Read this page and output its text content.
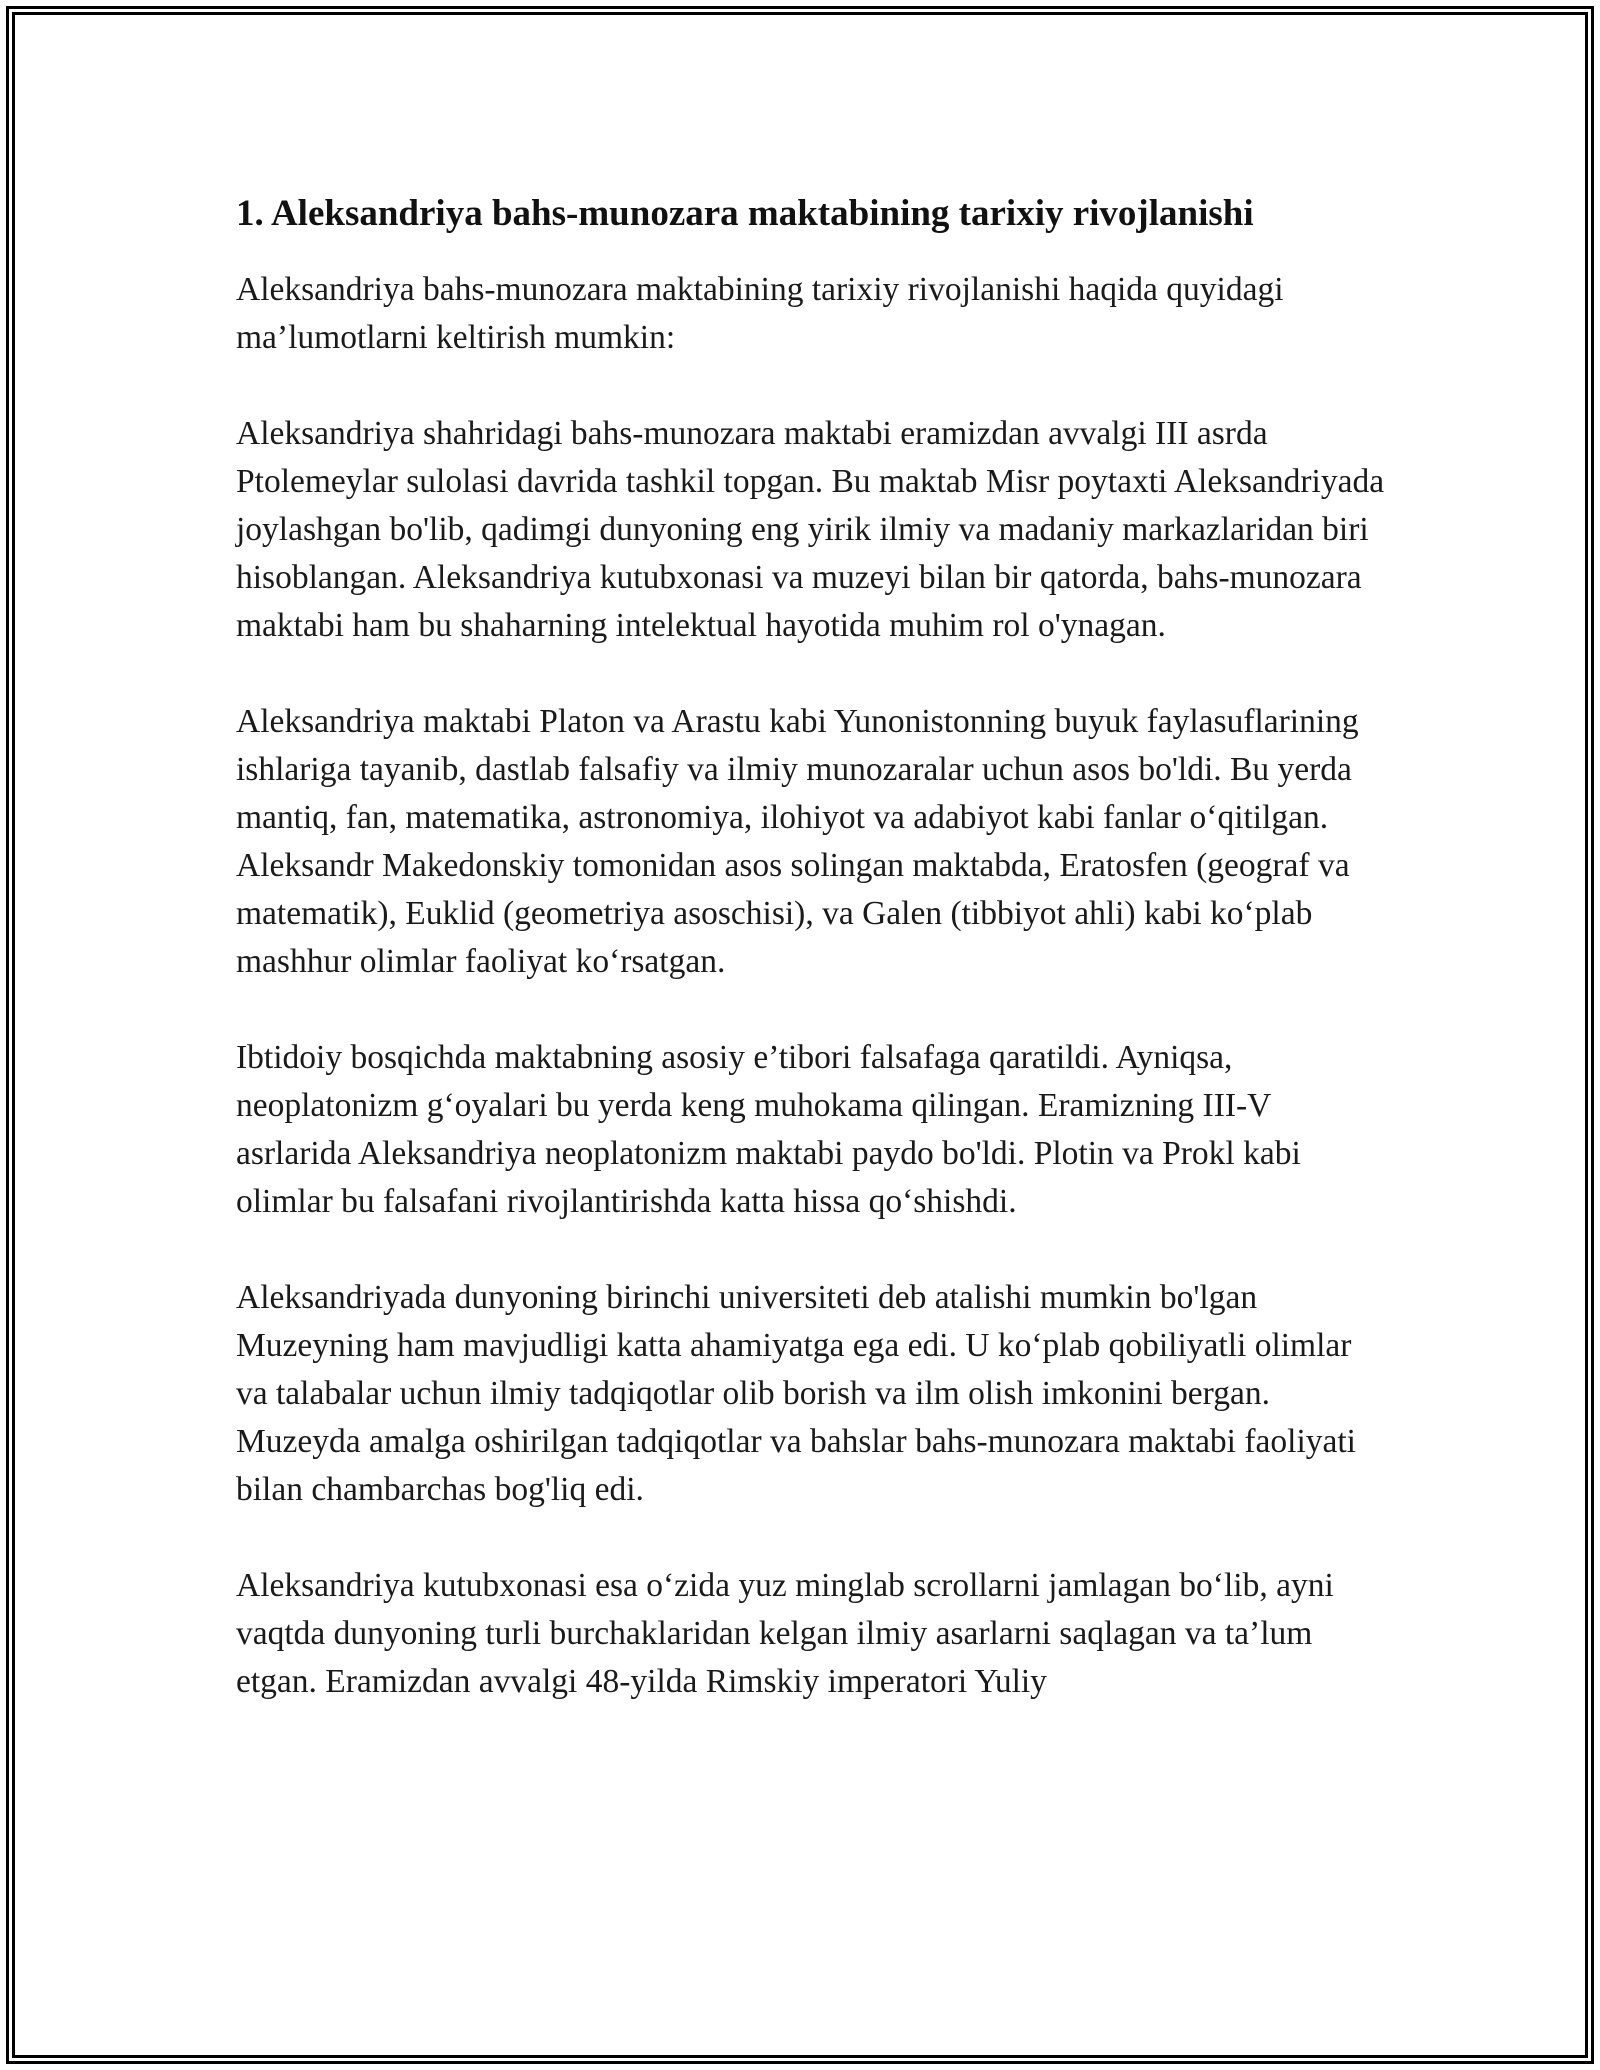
1. Aleksandriya bahs-munozara maktabining tarixiy rivojlanishi

Aleksandriya bahs-munozara maktabining tarixiy rivojlanishi haqida quyidagi ma’lumotlarni keltirish mumkin:

Aleksandriya shahridagi bahs-munozara maktabi eramizdan avvalgi III asrda Ptolemeylar sulolasi davrida tashkil topgan. Bu maktab Misr poytaxti Aleksandriyada joylashgan bo'lib, qadimgi dunyoning eng yirik ilmiy va madaniy markazlaridan biri hisoblangan. Aleksandriya kutubxonasi va muzeyi bilan bir qatorda, bahs-munozara maktabi ham bu shaharning intelektual hayotida muhim rol o'ynagan.

Aleksandriya maktabi Platon va Arastu kabi Yunonistonning buyuk faylasuflarining ishlariga tayanib, dastlab falsafiy va ilmiy munozaralar uchun asos bo'ldi. Bu yerda mantiq, fan, matematika, astronomiya, ilohiyot va adabiyot kabi fanlar o‘qitilgan. Aleksandr Makedonskiy tomonidan asos solingan maktabda, Eratosfen (geograf va matematik), Euklid (geometriya asoschisi), va Galen (tibbiyot ahli) kabi ko‘plab mashhur olimlar faoliyat ko‘rsatgan.

Ibtidoiy bosqichda maktabning asosiy e’tibori falsafaga qaratildi. Ayniqsa, neoplatonizm g‘oyalari bu yerda keng muhokama qilingan. Eramizning III-V asrlarida Aleksandriya neoplatonizm maktabi paydo bo'ldi. Plotin va Prokl kabi olimlar bu falsafani rivojlantirishda katta hissa qo‘shishdi.

Aleksandriyada dunyoning birinchi universiteti deb atalishi mumkin bo'lgan Muzeyning ham mavjudligi katta ahamiyatga ega edi. U ko‘plab qobiliyatli olimlar va talabalar uchun ilmiy tadqiqotlar olib borish va ilm olish imkonini bergan. Muzeyda amalga oshirilgan tadqiqotlar va bahslar bahs-munozara maktabi faoliyati bilan chambarchas bog'liq edi.

Aleksandriya kutubxonasi esa o‘zida yuz minglab scrollarni jamlagan bo‘lib, ayni vaqtda dunyoning turli burchaklaridan kelgan ilmiy asarlarni saqlagan va ta’lum etgan. Eramizdan avvalgi 48-yilda Rimskiy imperatori Yuliy
